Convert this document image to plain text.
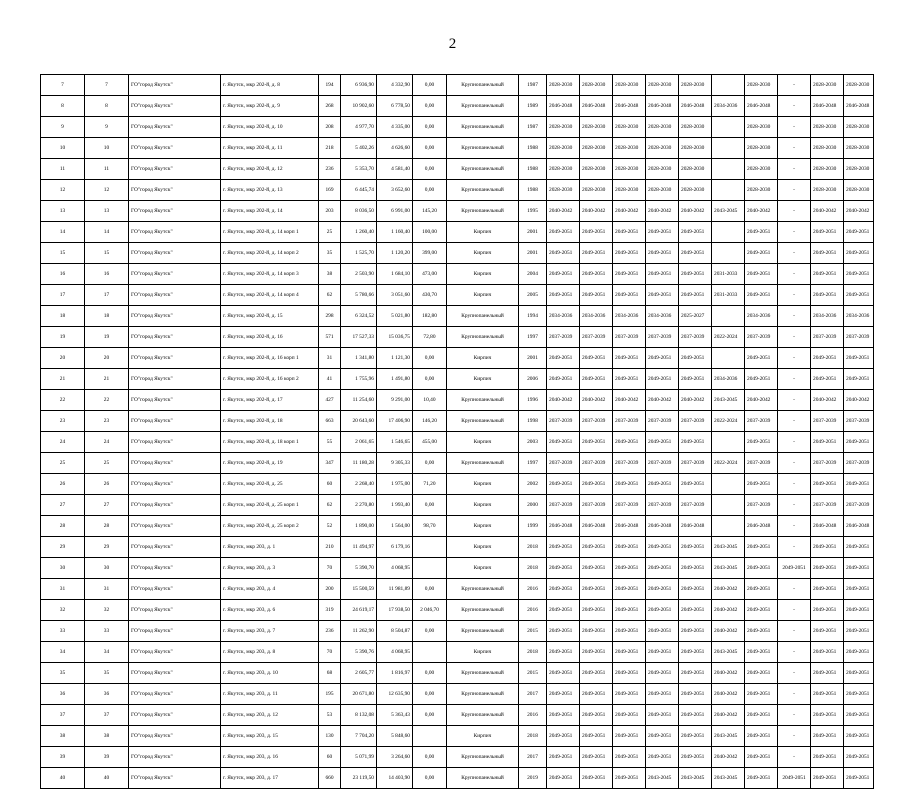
2
7	7	ГО"город Якутск"	г. Якутск, мкр 202-й, д. 8	194	6 936,90	4 332,90	0,00	Крупнопанельный	1987	2028-2030	2028-2030	2028-2030	2028-2030	2028-2030		2028-2030	-	2028-2030	2028-2030
8	8	ГО"город Якутск"	г. Якутск, мкр 202-й, д. 9	268	10 902,60	6 778,50	0,00	Крупнопанельный	1989	2046-2048	2046-2048	2046-2048	2046-2048	2046-2048	2034-2036	2046-2048	-	2046-2048	2046-2048
9	9	ГО"город Якутск"	г. Якутск, мкр 202-й, д. 10	208	4 977,70	4 335,00	0,00	Крупнопанельный	1987	2028-2030	2028-2030	2028-2030	2028-2030	2028-2030		2028-2030	-	2028-2030	2028-2030
10	10	ГО"город Якутск"	г. Якутск, мкр 202-й, д. 11	218	5 402,26	4 626,60	0,00	Крупнопанельный	1988	2028-2030	2028-2030	2028-2030	2028-2030	2028-2030		2028-2030	-	2028-2030	2028-2030
11	11	ГО"город Якутск"	г. Якутск, мкр 202-й, д. 12	236	5 353,70	4 581,40	0,00	Крупнопанельный	1988	2028-2030	2028-2030	2028-2030	2028-2030	2028-2030		2028-2030	-	2028-2030	2028-2030
12	12	ГО"город Якутск"	г. Якутск, мкр 202-й, д. 13	169	6 445,74	3 652,60	0,00	Крупнопанельный	1988	2028-2030	2028-2030	2028-2030	2028-2030	2028-2030		2028-2030	-	2028-2030	2028-2030
13	13	ГО"город Якутск"	г. Якутск, мкр 202-й, д. 14	203	8 036,50	6 991,00	145,20	Крупнопанельный	1995	2040-2042	2040-2042	2040-2042	2040-2042	2040-2042	2043-2045	2040-2042	-	2040-2042	2040-2042
14	14	ГО"город Якутск"	г. Якутск, мкр 202-й, д. 14 корп 1	25	1 260,40	1 160,40	100,00	Кирпич	2001	2049-2051	2049-2051	2049-2051	2049-2051	2049-2051		2049-2051	-	2049-2051	2049-2051
15	15	ГО"город Якутск"	г. Якутск, мкр 202-й, д. 14 корп 2	35	1 525,70	1 120,20	399,00	Кирпич	2001	2049-2051	2049-2051	2049-2051	2049-2051	2049-2051		2049-2051	-	2049-2051	2049-2051
16	16	ГО"город Якутск"	г. Якутск, мкр 202-й, д. 14 корп 3	38	2 503,90	1 684,10	473,00	Кирпич	2004	2049-2051	2049-2051	2049-2051	2049-2051	2049-2051	2031-2033	2049-2051	-	2049-2051	2049-2051
17	17	ГО"город Якутск"	г. Якутск, мкр 202-й, д. 14 корп 4	62	5 780,66	3 051,60	430,70	Кирпич	2005	2049-2051	2049-2051	2049-2051	2049-2051	2049-2051	2031-2033	2049-2051	-	2049-2051	2049-2051
18	18	ГО"город Якутск"	г. Якутск, мкр 202-й, д. 15	298	6 324,52	5 021,80	182,80	Крупнопанельный	1994	2034-2036	2034-2036	2034-2036	2034-2036	2025-2027		2034-2036	-	2034-2036	2034-2036
19	19	ГО"город Якутск"	г. Якутск, мкр 202-й, д. 16	571	17 527,33	15 036,75	72,80	Крупнопанельный	1997	2037-2039	2037-2039	2037-2039	2037-2039	2037-2039	2022-2024	2037-2039	-	2037-2039	2037-2039
20	20	ГО"город Якутск"	г. Якутск, мкр 202-й, д. 16 корп 1	31	1 341,80	1 121,30	0,00	Кирпич	2001	2049-2051	2049-2051	2049-2051	2049-2051	2049-2051		2049-2051	-	2049-2051	2049-2051
21	21	ГО"город Якутск"	г. Якутск, мкр 202-й, д. 16 корп 2	41	1 755,96	1 491,80	0,00	Кирпич	2006	2049-2051	2049-2051	2049-2051	2049-2051	2049-2051	2034-2036	2049-2051	-	2049-2051	2049-2051
22	22	ГО"город Якутск"	г. Якутск, мкр 202-й, д. 17	427	11 254,60	9 291,00	10,40	Крупнопанельный	1996	2040-2042	2040-2042	2040-2042	2040-2042	2040-2042	2043-2045	2040-2042	-	2040-2042	2040-2042
23	23	ГО"город Якутск"	г. Якутск, мкр 202-й, д. 18	663	20 643,60	17 406,90	146,20	Крупнопанельный	1998	2037-2039	2037-2039	2037-2039	2037-2039	2037-2039	2022-2024	2037-2039	-	2037-2039	2037-2039
24	24	ГО"город Якутск"	г. Якутск, мкр 202-й, д. 18 корп 1	55	2 061,65	1 546,65	455,00	Кирпич	2003	2049-2051	2049-2051	2049-2051	2049-2051	2049-2051		2049-2051	-	2049-2051	2049-2051
25	25	ГО"город Якутск"	г. Якутск, мкр 202-й, д. 19	347	11 180,28	9 305,33	0,00	Крупнопанельный	1997	2037-2039	2037-2039	2037-2039	2037-2039	2037-2039	2022-2024	2037-2039	-	2037-2039	2037-2039
26	26	ГО"город Якутск"	г. Якутск, мкр 202-й, д. 25	60	2 268,40	1 975,00	71,20	Кирпич	2002	2049-2051	2049-2051	2049-2051	2049-2051	2049-2051		2049-2051	-	2049-2051	2049-2051
27	27	ГО"город Якутск"	г. Якутск, мкр 202-й, д. 25 корп 1	62	2 270,80	1 993,40	0,00	Кирпич	2000	2037-2039	2037-2039	2037-2039	2037-2039	2037-2039		2037-2039	-	2037-2039	2037-2039
28	28	ГО"город Якутск"	г. Якутск, мкр 202-й, д. 25 корп 2	52	1 890,00	1 564,00	98,70	Кирпич	1999	2046-2048	2046-2048	2046-2048	2046-2048	2046-2048		2046-2048	-	2046-2048	2046-2048
29	29	ГО"город Якутск"	г. Якутск, мкр 203, д. 1	210	11 494,97	6 179,16		Кирпич	2018	2049-2051	2049-2051	2049-2051	2049-2051	2049-2051	2043-2045	2049-2051	-	2049-2051	2049-2051
30	30	ГО"город Якутск"	г. Якутск, мкр 203, д. 3	70	5 390,70	4 068,95		Кирпич	2018	2049-2051	2049-2051	2049-2051	2049-2051	2049-2051	2043-2045	2049-2051	2049-2051	2049-2051	2049-2051
31	31	ГО"город Якутск"	г. Якутск, мкр 203, д. 4	200	15 500,59	11 981,89	0,00	Крупнопанельный	2016	2049-2051	2049-2051	2049-2051	2049-2051	2049-2051	2040-2042	2049-2051	-	2049-2051	2049-2051
32	32	ГО"город Якутск"	г. Якутск, мкр 203, д. 6	319	24 619,17	17 938,50	2 046,70	Крупнопанельный	2016	2049-2051	2049-2051	2049-2051	2049-2051	2049-2051	2040-2042	2049-2051	-	2049-2051	2049-2051
33	33	ГО"город Якутск"	г. Якутск, мкр 203, д. 7	236	11 262,90	8 504,87	0,00	Крупнопанельный	2015	2049-2051	2049-2051	2049-2051	2049-2051	2049-2051	2040-2042	2049-2051	-	2049-2051	2049-2051
34	34	ГО"город Якутск"	г. Якутск, мкр 203, д. 8	70	5 390,76	4 068,95		Кирпич	2018	2049-2051	2049-2051	2049-2051	2049-2051	2049-2051	2043-2045	2049-2051	-	2049-2051	2049-2051
35	35	ГО"город Якутск"	г. Якутск, мкр 203, д. 10	68	2 605,77	1 816,97	0,00	Крупнопанельный	2015	2049-2051	2049-2051	2049-2051	2049-2051	2049-2051	2040-2042	2049-2051	-	2049-2051	2049-2051
36	36	ГО"город Якутск"	г. Якутск, мкр 203, д. 11	195	20 671,80	12 635,90	0,00	Крупнопанельный	2017	2049-2051	2049-2051	2049-2051	2049-2051	2049-2051	2040-2042	2049-2051	-	2049-2051	2049-2051
37	37	ГО"город Якутск"	г. Якутск, мкр 203, д. 12	53	8 132,08	5 363,43	0,00	Крупнопанельный	2016	2049-2051	2049-2051	2049-2051	2049-2051	2049-2051	2040-2042	2049-2051	-	2049-2051	2049-2051
38	38	ГО"город Якутск"	г. Якутск, мкр 203, д. 15	130	7 704,20	5 848,60		Кирпич	2018	2049-2051	2049-2051	2049-2051	2049-2051	2049-2051	2043-2045	2049-2051	-	2049-2051	2049-2051
39	39	ГО"город Якутск"	г. Якутск, мкр 203, д. 16	60	5 071,99	3 264,60	0,00	Крупнопанельный	2017	2049-2051	2049-2051	2049-2051	2049-2051	2049-2051	2040-2042	2049-2051	-	2049-2051	2049-2051
40	40	ГО"город Якутск"	г. Якутск, мкр 203, д. 17	660	23 119,50	14 403,90	0,00	Крупнопанельный	2019	2049-2051	2049-2051	2049-2051	2043-2045	2043-2045	2043-2045	2049-2051	2049-2051	2049-2051	2049-2051
